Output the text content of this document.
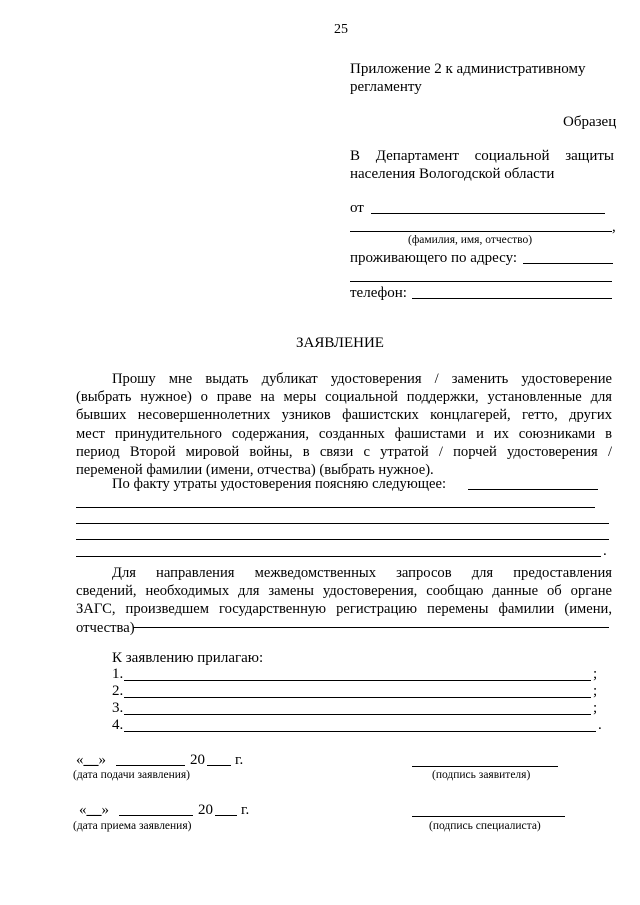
25
Приложение 2 к административному
регламенту
Образец
В Департамент социальной защиты
населения Вологодской области
от
,
(фамилия, имя, отчество)
проживающего по адресу:
телефон:
ЗАЯВЛЕНИЕ
Прошу мне выдать дубликат удостоверения / заменить удостоверение
(выбрать нужное) о праве на меры социальной поддержки, установленные для
бывших несовершеннолетних узников фашистских концлагерей, гетто, других
мест принудительного содержания, созданных фашистами и их союзниками в
период Второй мировой войны, в связи с утратой / порчей удостоверения /
переменой фамилии (имени, отчества) (выбрать нужное).
По факту утраты удостоверения поясняю следующее:
.
Для направления межведомственных запросов для предоставления
сведений, необходимых для замены удостоверения, сообщаю данные об органе
ЗАГС, произведшем государственную регистрацию перемены фамилии (имени,
отчества)
К заявлению прилагаю:
1.	;
2.	;
3.	;
4.	.
«__»	20 г.
(дата подачи заявления)	(подпись заявителя)
«__»	20 г.
(дата приема заявления)	(подпись специалиста)
